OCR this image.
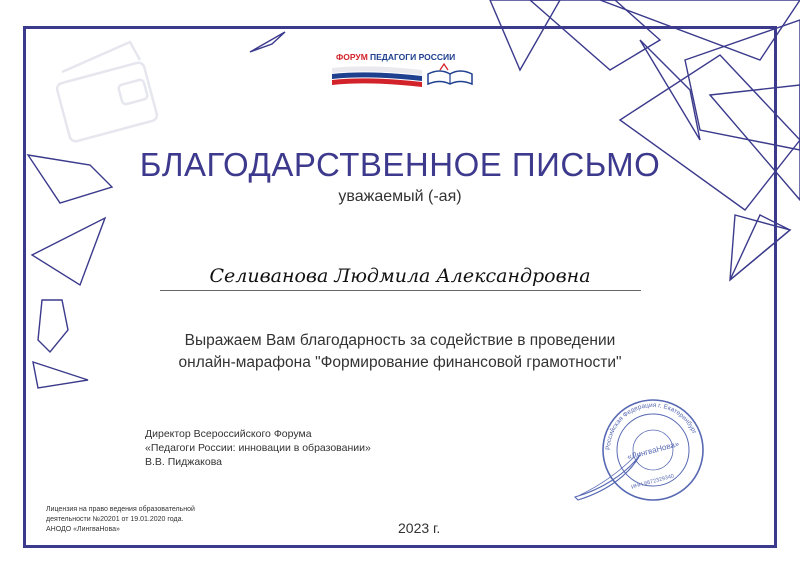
ФОРУМ ПЕДАГОГИ РОССИИ
БЛАГОДАРСТВЕННОЕ ПИСЬМО
уважаемый (-ая)
Селиванова Людмила Александровна
Выражаем Вам благодарность за содействие в проведении
онлайн-марафона "Формирование финансовой грамотности"
Директор Всероссийского Форума
«Педагоги России: инновации в образовании»
В.В. Пиджакова
Лицензия на право ведения образовательной
деятельности №20201 от 19.01.2020 года.
АНОДО «ЛингваНова»	2023 г.
Российская Федерация г. Екатеринбург
«ЛингваНова»
ИНН 6672329340
